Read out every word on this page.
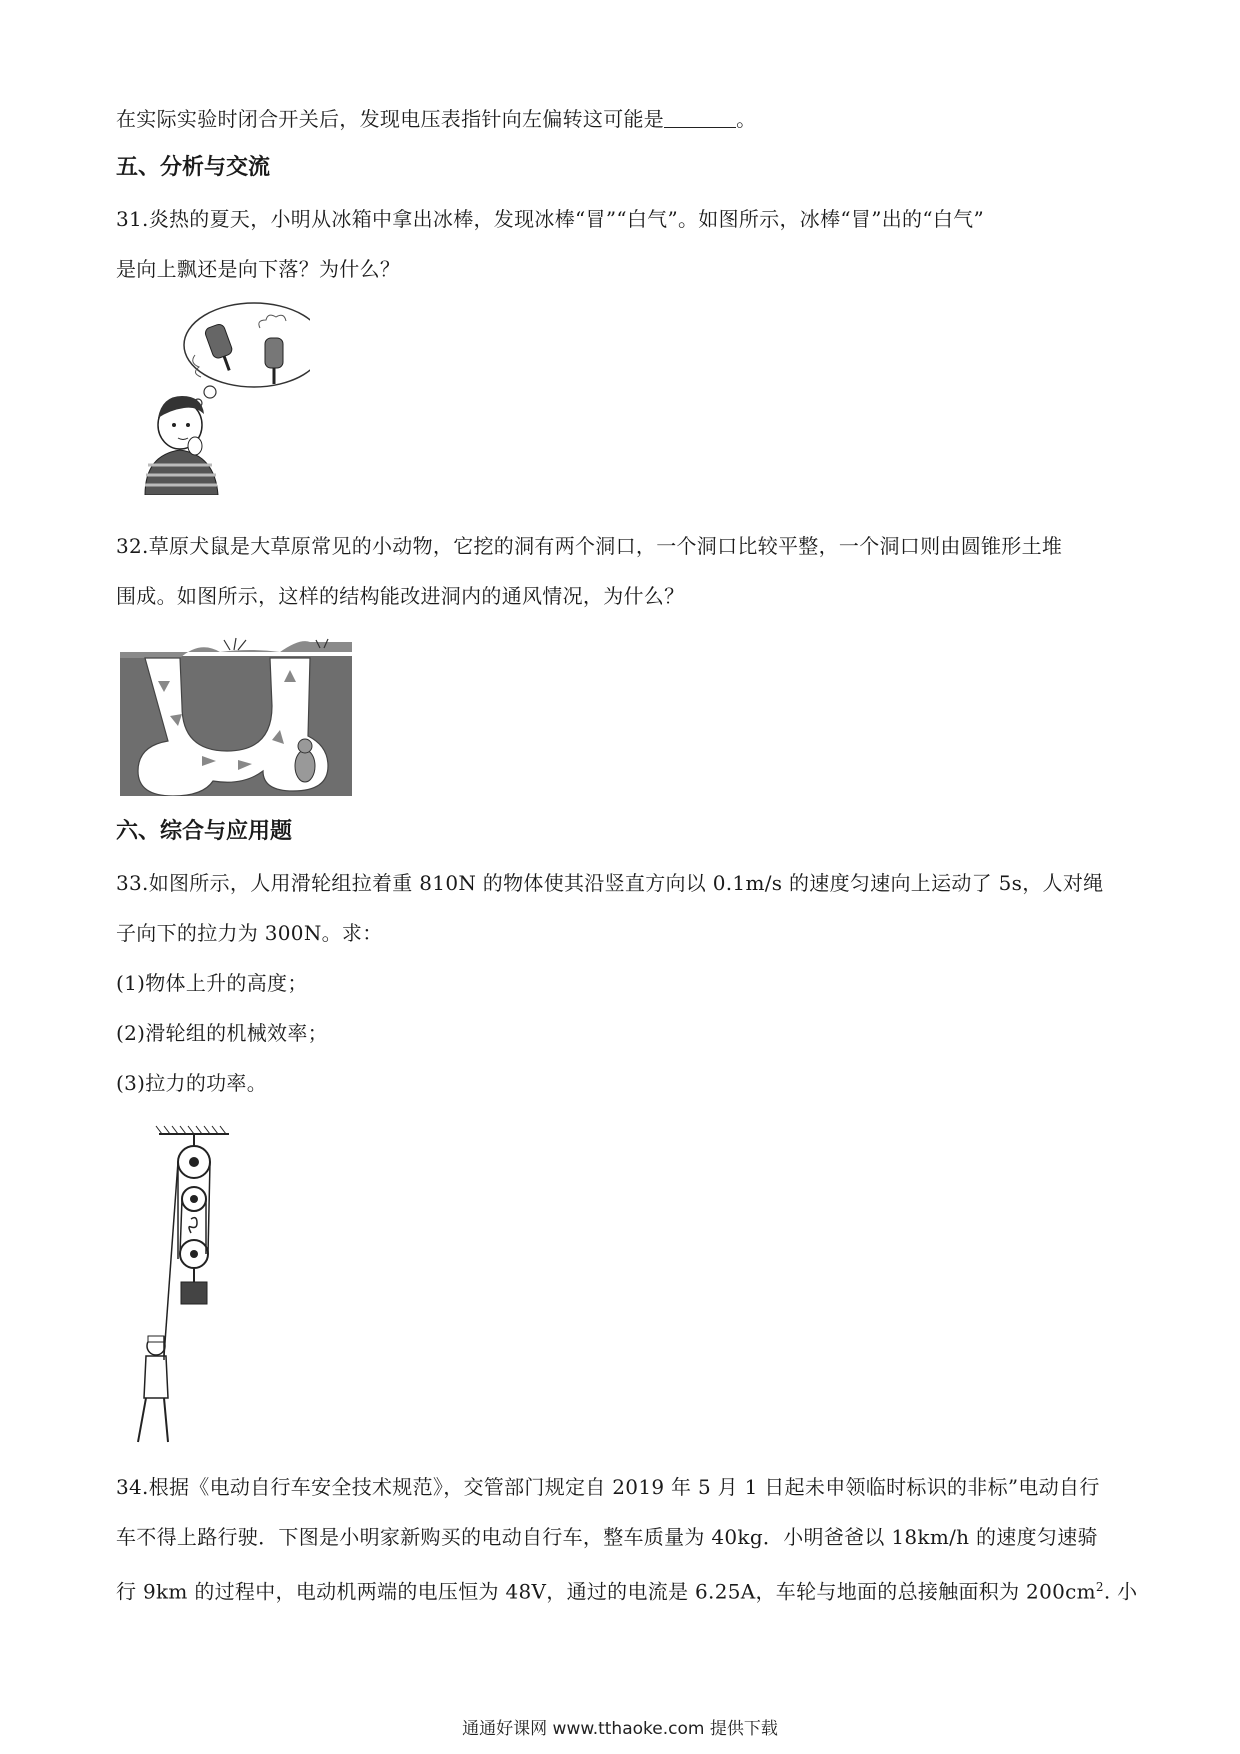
在实际实验时闭合开关后，发现电压表指针向左偏转这可能是	。
五、分析与交流
31.炎热的夏天，小明从冰箱中拿出冰棒，发现冰棒“冒”“白气”。如图所示，冰棒“冒”出的“白气”
是向上飘还是向下落？为什么？
32.草原犬鼠是大草原常见的小动物，它挖的洞有两个洞口，一个洞口比较平整，一个洞口则由圆锥形土堆
围成。如图所示，这样的结构能改进洞内的通风情况，为什么？
六、综合与应用题
33.如图所示，人用滑轮组拉着重 810N 的物体使其沿竖直方向以 0.1m/s 的速度匀速向上运动了 5s，人对绳
子向下的拉力为 300N。求：
(1)物体上升的高度；
(2)滑轮组的机械效率；
(3)拉力的功率。
34.根据《电动自行车安全技术规范》，交管部门规定自 2019 年 5 月 1 日起未申领临时标识的非标”电动自行
车不得上路行驶．下图是小明家新购买的电动自行车，整车质量为 40kg．小明爸爸以 18km/h 的速度匀速骑
行 9km 的过程中，电动机两端的电压恒为 48V，通过的电流是 6.25A，车轮与地面的总接触面积为 $200cm^2$. 小
通通好课网 www.tthaoke.com 提供下载
